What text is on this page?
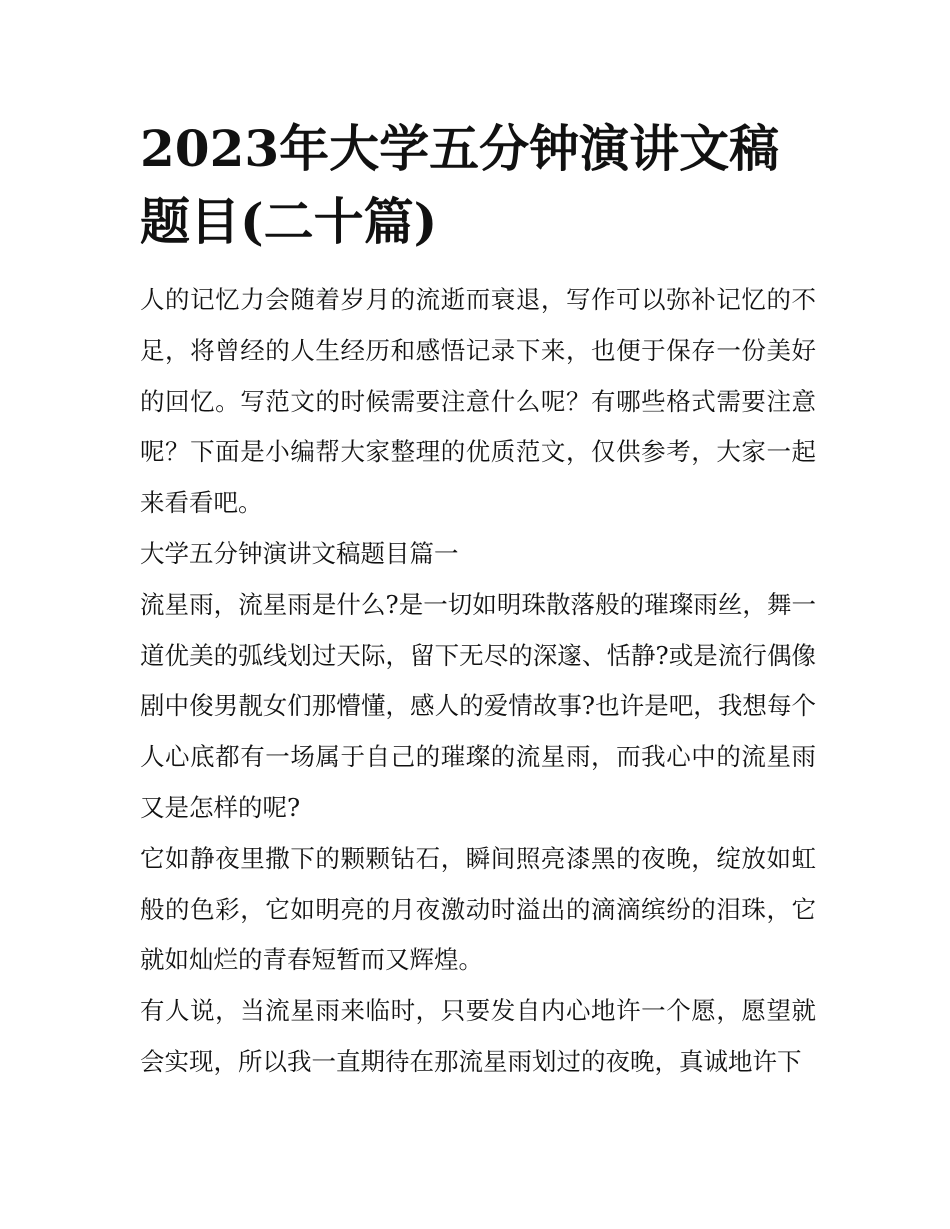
2023年大学五分钟演讲文稿题目(二十篇)

人的记忆力会随着岁月的流逝而衰退，写作可以弥补记忆的不足，将曾经的人生经历和感悟记录下来，也便于保存一份美好的回忆。写范文的时候需要注意什么呢？有哪些格式需要注意呢？下面是小编帮大家整理的优质范文，仅供参考，大家一起来看看吧。

大学五分钟演讲文稿题目篇一

流星雨，流星雨是什么?是一切如明珠散落般的璀璨雨丝，舞一道优美的弧线划过天际，留下无尽的深邃、恬静?或是流行偶像剧中俊男靓女们那懵懂，感人的爱情故事?也许是吧，我想每个人心底都有一场属于自己的璀璨的流星雨，而我心中的流星雨又是怎样的呢?

它如静夜里撒下的颗颗钻石，瞬间照亮漆黑的夜晚，绽放如虹般的色彩，它如明亮的月夜激动时溢出的滴滴缤纷的泪珠，它就如灿烂的青春短暂而又辉煌。

有人说，当流星雨来临时，只要发自内心地许一个愿，愿望就会实现，所以我一直期待在那流星雨划过的夜晚，真诚地许下
